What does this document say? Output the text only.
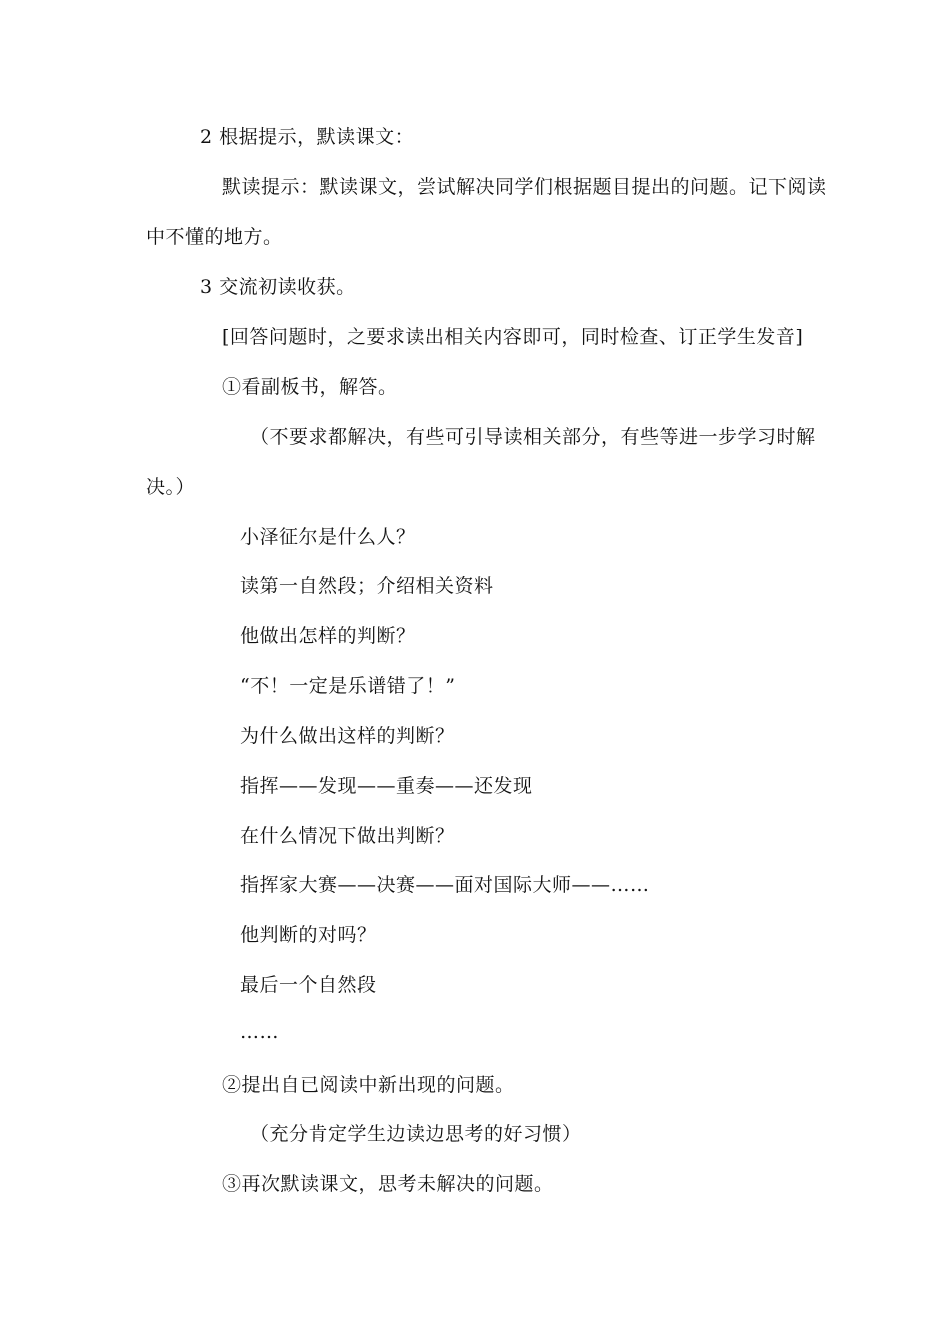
2 根据提示，默读课文：
默读提示：默读课文，尝试解决同学们根据题目提出的问题。记下阅读
中不懂的地方。
3 交流初读收获。
[回答问题时，之要求读出相关内容即可，同时检查、订正学生发音]
①看副板书，解答。
（不要求都解决，有些可引导读相关部分，有些等进一步学习时解
决。）
小泽征尔是什么人？
读第一自然段；介绍相关资料
他做出怎样的判断？
“不！一定是乐谱错了！”
为什么做出这样的判断？
指挥——发现——重奏——还发现
在什么情况下做出判断？
指挥家大赛——决赛——面对国际大师——……
他判断的对吗？
最后一个自然段
……
②提出自已阅读中新出现的问题。
（充分肯定学生边读边思考的好习惯）
③再次默读课文，思考未解决的问题。
